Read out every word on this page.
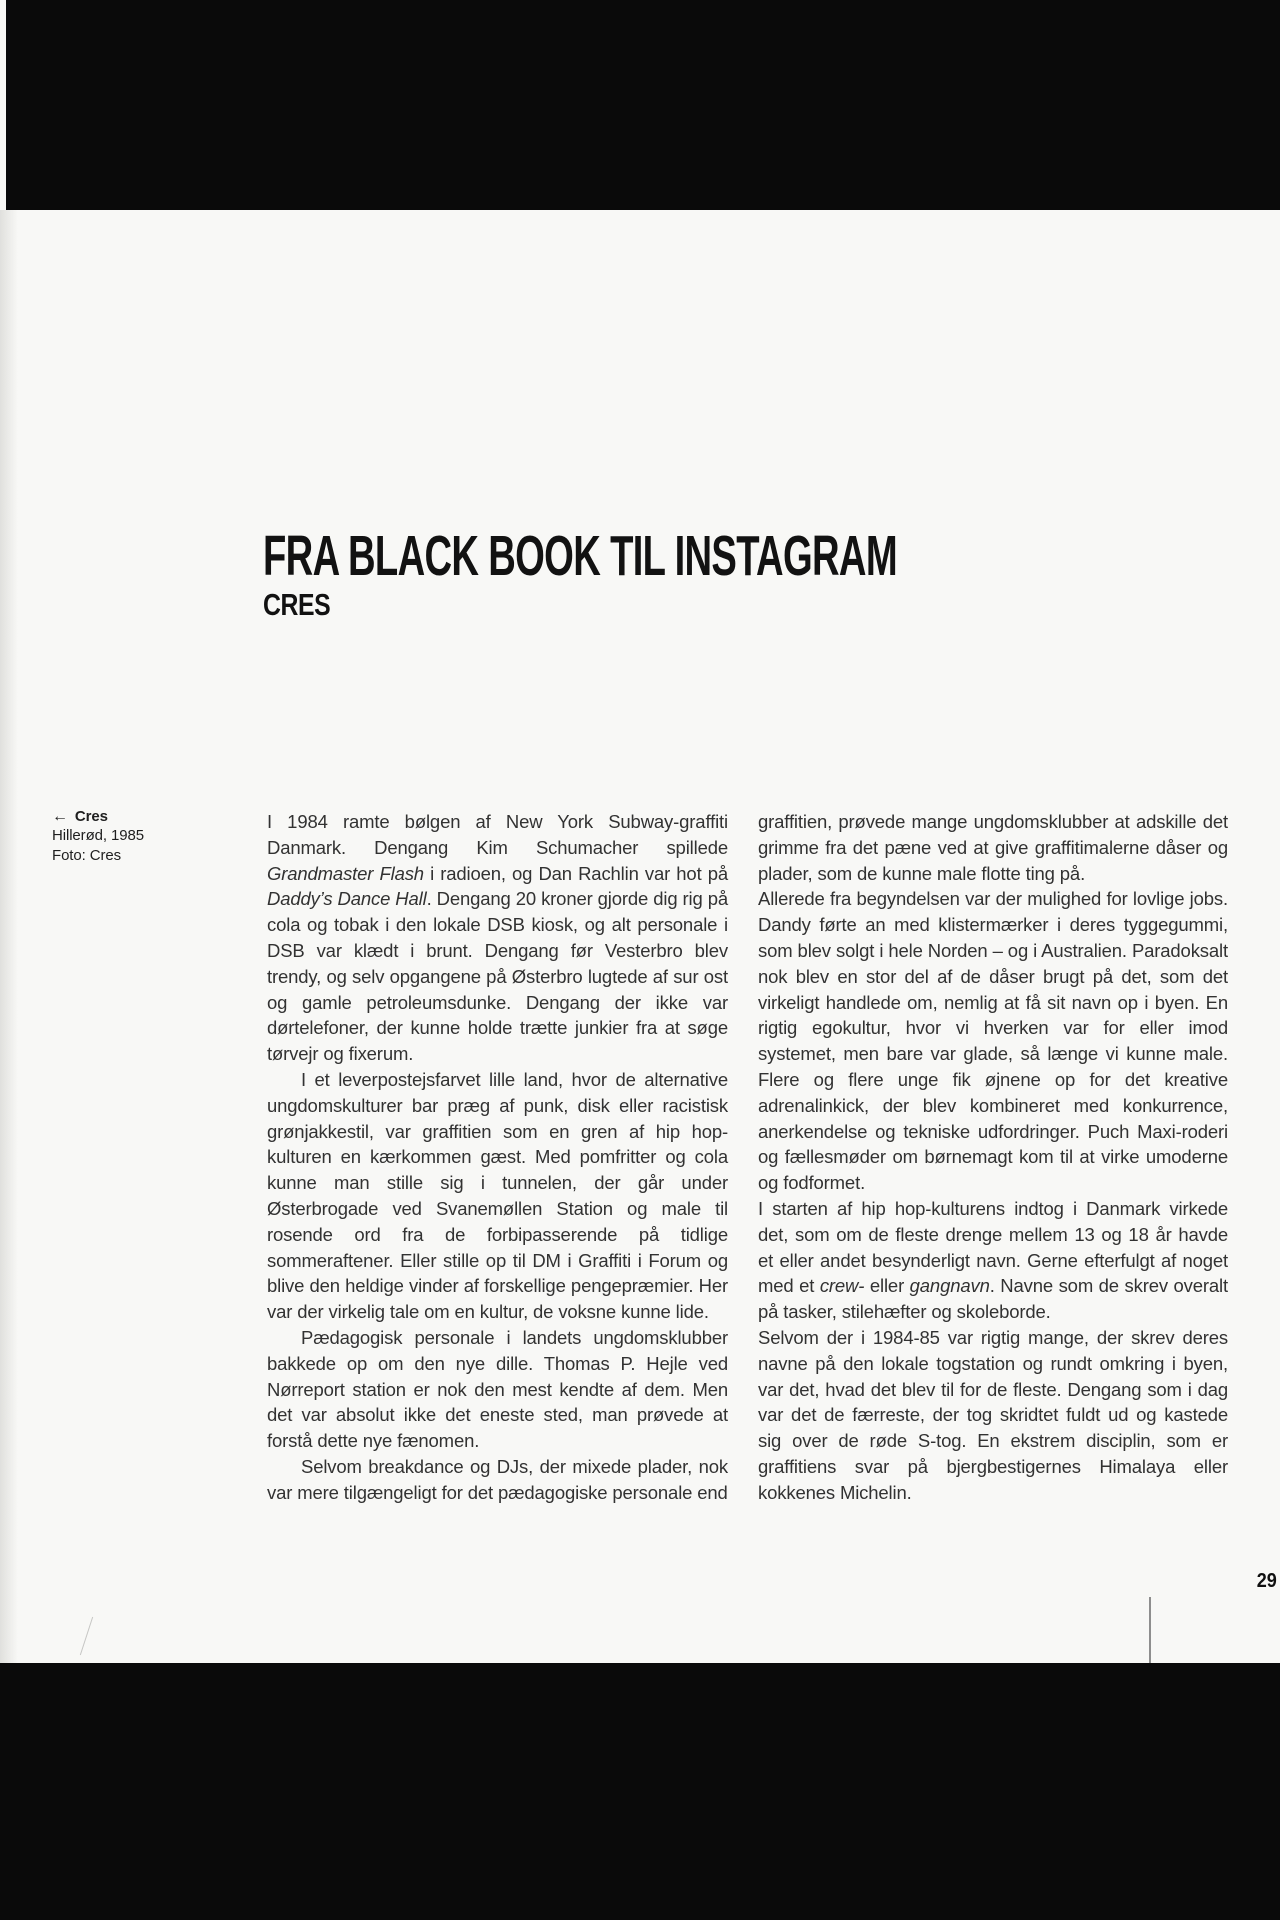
FRA BLACK BOOK TIL INSTAGRAM
CRES
← Cres
Hillerød, 1985
Foto: Cres

I 1984 ramte bølgen af New York Subway-graffiti Danmark. Dengang Kim Schumacher spillede Grandmaster Flash i radioen, og Dan Rachlin var hot på Daddy’s Dance Hall. Dengang 20 kroner gjorde dig rig på cola og tobak i den lokale DSB kiosk, og alt personale i DSB var klædt i brunt. Dengang før Vesterbro blev trendy, og selv opgangene på Østerbro lugtede af sur ost og gamle petroleumsdunke. Dengang der ikke var dørtelefoner, der kunne holde trætte junkier fra at søge tørvejr og fixerum.

I et leverpostejsfarvet lille land, hvor de alternative ungdomskulturer bar præg af punk, disk eller racistisk grønjakkestil, var graffitien som en gren af hip hop-kulturen en kærkommen gæst. Med pomfritter og cola kunne man stille sig i tunnelen, der går under Østerbrogade ved Svanemøllen Station og male til rosende ord fra de forbipasserende på tidlige sommeraftener. Eller stille op til DM i Graffiti i Forum og blive den heldige vinder af forskellige pengepræmier. Her var der virkelig tale om en kultur, de voksne kunne lide.

Pædagogisk personale i landets ungdomsklubber bakkede op om den nye dille. Thomas P. Hejle ved Nørreport station er nok den mest kendte af dem. Men det var absolut ikke det eneste sted, man prøvede at forstå dette nye fænomen.

Selvom breakdance og DJs, der mixede plader, nok var mere tilgængeligt for det pædagogiske personale end

graffitien, prøvede mange ungdomsklubber at adskille det grimme fra det pæne ved at give graffitimalerne dåser og plader, som de kunne male flotte ting på.

Allerede fra begyndelsen var der mulighed for lovlige jobs. Dandy førte an med klistermærker i deres tyggegummi, som blev solgt i hele Norden – og i Australien. Paradoksalt nok blev en stor del af de dåser brugt på det, som det virkeligt handlede om, nemlig at få sit navn op i byen. En rigtig egokultur, hvor vi hverken var for eller imod systemet, men bare var glade, så længe vi kunne male. Flere og flere unge fik øjnene op for det kreative adrenalinkick, der blev kombineret med konkurrence, anerkendelse og tekniske udfordringer. Puch Maxi-roderi og fællesmøder om børnemagt kom til at virke umoderne og fodformet.

I starten af hip hop-kulturens indtog i Danmark virkede det, som om de fleste drenge mellem 13 og 18 år havde et eller andet besynderligt navn. Gerne efterfulgt af noget med et crew- eller gangnavn. Navne som de skrev overalt på tasker, stilehæfter og skoleborde.

Selvom der i 1984-85 var rigtig mange, der skrev deres navne på den lokale togstation og rundt omkring i byen, var det, hvad det blev til for de fleste. Dengang som i dag var det de færreste, der tog skridtet fuldt ud og kastede sig over de røde S-tog. En ekstrem disciplin, som er graffitiens svar på bjergbestigernes Himalaya eller kokkenes Michelin.

29
